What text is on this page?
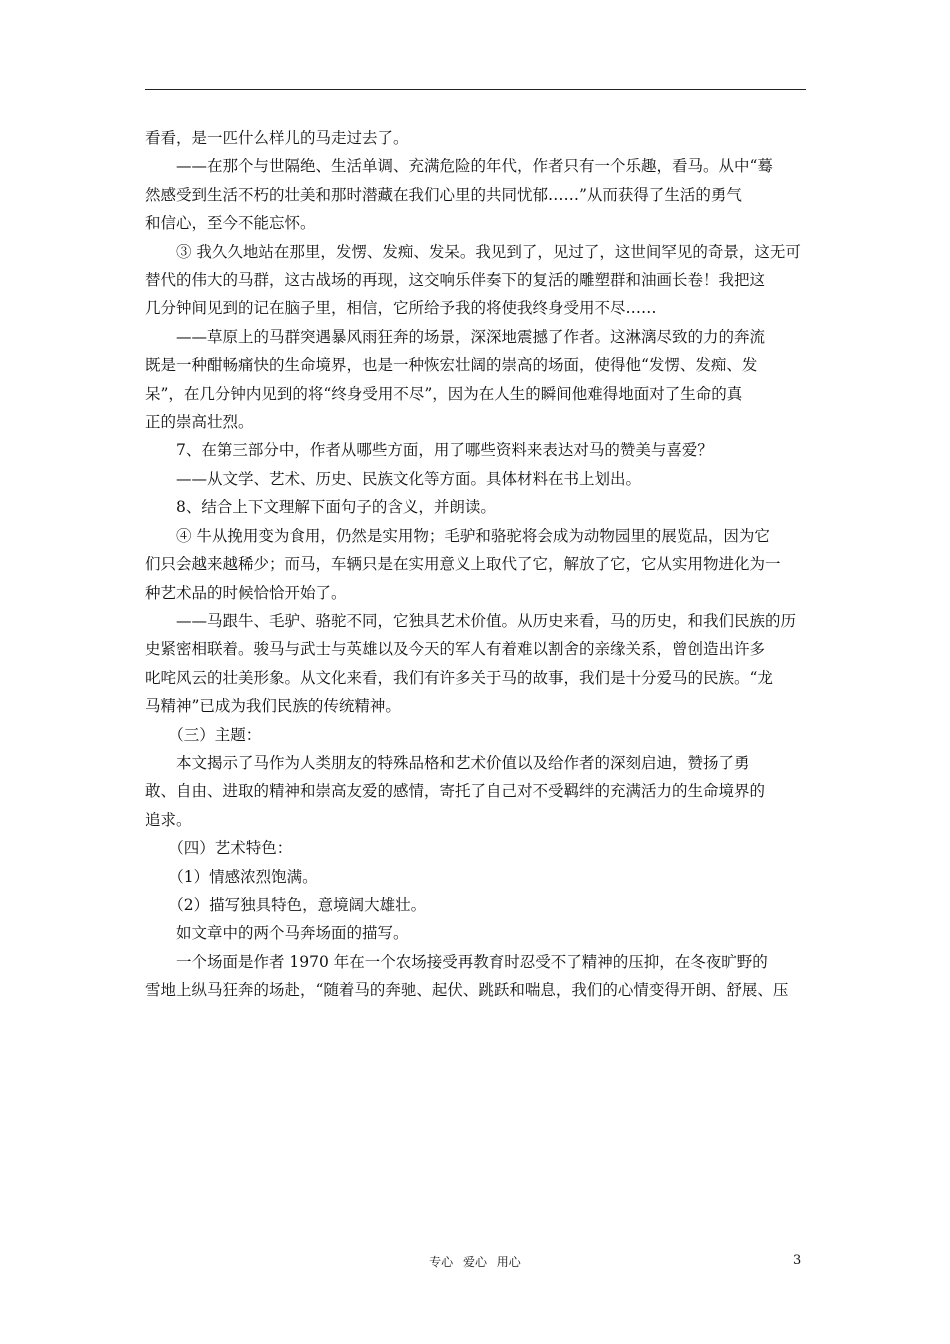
看看，是一匹什么样儿的马走过去了。

　　——在那个与世隔绝、生活单调、充满危险的年代，作者只有一个乐趣，看马。从中“蓦

然感受到生活不朽的壮美和那时潜藏在我们心里的共同忧郁……”从而获得了生活的勇气

和信心，至今不能忘怀。

　　③ 我久久地站在那里，发愣、发痴、发呆。我见到了，见过了，这世间罕见的奇景，这无可

替代的伟大的马群，这古战场的再现，这交响乐伴奏下的复活的雕塑群和油画长卷！我把这

几分钟间见到的记在脑子里，相信，它所给予我的将使我终身受用不尽……

　　——草原上的马群突遇暴风雨狂奔的场景，深深地震撼了作者。这淋漓尽致的力的奔流

既是一种酣畅痛快的生命境界，也是一种恢宏壮阔的崇高的场面，使得他“发愣、发痴、发

呆”，在几分钟内见到的将“终身受用不尽”，因为在人生的瞬间他难得地面对了生命的真

正的崇高壮烈。

　　7、在第三部分中，作者从哪些方面，用了哪些资料来表达对马的赞美与喜爱？

　　——从文学、艺术、历史、民族文化等方面。具体材料在书上划出。

　　8、结合上下文理解下面句子的含义，并朗读。

　　④ 牛从挽用变为食用，仍然是实用物；毛驴和骆驼将会成为动物园里的展览品，因为它

们只会越来越稀少；而马，车辆只是在实用意义上取代了它，解放了它，它从实用物进化为一

种艺术品的时候恰恰开始了。

　　——马跟牛、毛驴、骆驼不同，它独具艺术价值。从历史来看，马的历史，和我们民族的历

史紧密相联着。骏马与武士与英雄以及今天的军人有着难以割舍的亲缘关系，曾创造出许多

叱咤风云的壮美形象。从文化来看，我们有许多关于马的故事，我们是十分爱马的民族。“龙

马精神”已成为我们民族的传统精神。

　　（三）主题：

　　本文揭示了马作为人类朋友的特殊品格和艺术价值以及给作者的深刻启迪，赞扬了勇

敢、自由、进取的精神和崇高友爱的感情，寄托了自己对不受羁绊的充满活力的生命境界的

追求。

　　（四）艺术特色：

　　（1）情感浓烈饱满。

　　（2）描写独具特色，意境阔大雄壮。

　　如文章中的两个马奔场面的描写。

　　一个场面是作者 1970 年在一个农场接受再教育时忍受不了精神的压抑，在冬夜旷野的

雪地上纵马狂奔的场赴，“随着马的奔驰、起伏、跳跃和喘息，我们的心情变得开朗、舒展、压

专心 爱心 用心	3
